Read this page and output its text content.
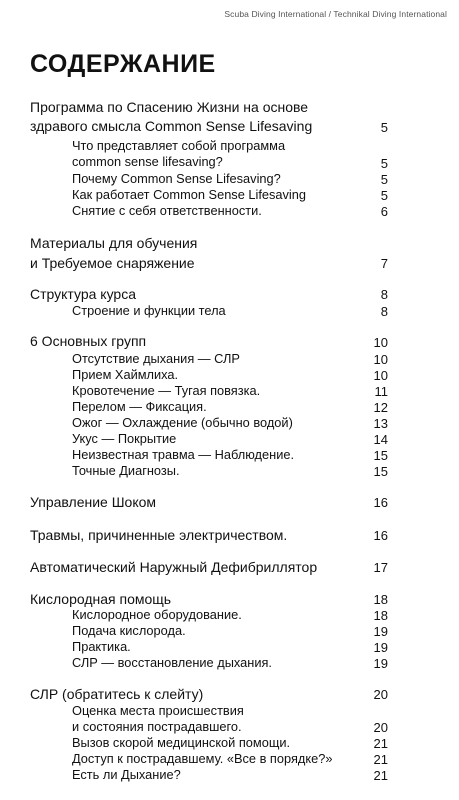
Scuba Diving International / Technikal Diving International
СОДЕРЖАНИЕ
Программа по Спасению Жизни на основе
здравого смысла Common Sense Lifesaving	5
Что представляет собой программа
common sense lifesaving?	5
Почему Common Sense Lifesaving?	5
Как работает Common Sense Lifesaving	5
Снятие с себя ответственности.	6
Материалы для обучения
и Требуемое снаряжение	7
Структура курса	8
Строение и функции тела	8
6 Основных групп	10
Отсутствие дыхания — СЛР	10
Прием Хаймлиха.	10
Кровотечение — Тугая повязка.	11
Перелом — Фиксация.	12
Ожог — Охлаждение (обычно водой)	13
Укус — Покрытие	14
Неизвестная травма — Наблюдение.	15
Точные Диагнозы.	15
Управление Шоком	16
Травмы, причиненные электричеством.	16
Автоматический Наружный Дефибриллятор	17
Кислородная помощь	18
Кислородное оборудование.	18
Подача кислорода.	19
Практика.	19
СЛР — восстановление дыхания.	19
СЛР (обратитесь к слейту)	20
Оценка места происшествия
и состояния пострадавшего.	20
Вызов скорой медицинской помощи.	21
Доступ к пострадавшему. «Все в порядке?»	21
Есть ли Дыхание?	21
